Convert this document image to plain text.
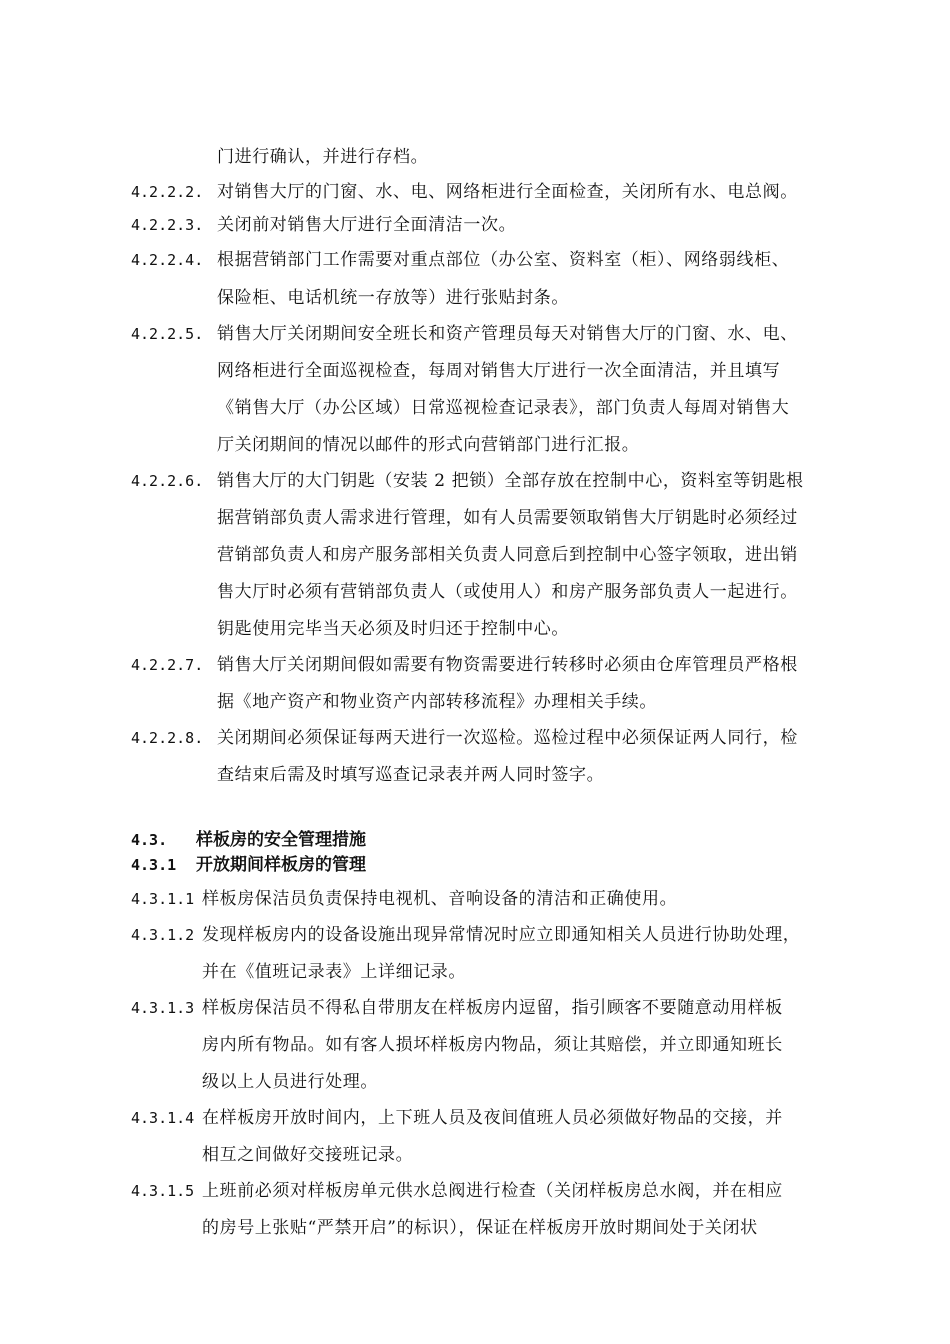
门进行确认，并进行存档。
4.2.2.2. 对销售大厅的门窗、水、电、网络柜进行全面检查，关闭所有水、电总阀。
4.2.2.3. 关闭前对销售大厅进行全面清洁一次。
4.2.2.4. 根据营销部门工作需要对重点部位（办公室、资料室（柜）、网络弱线柜、
保险柜、电话机统一存放等）进行张贴封条。
4.2.2.5. 销售大厅关闭期间安全班长和资产管理员每天对销售大厅的门窗、水、电、
网络柜进行全面巡视检查，每周对销售大厅进行一次全面清洁，并且填写
《销售大厅（办公区域）日常巡视检查记录表》，部门负责人每周对销售大
厅关闭期间的情况以邮件的形式向营销部门进行汇报。
4.2.2.6. 销售大厅的大门钥匙（安装 2 把锁）全部存放在控制中心，资料室等钥匙根
据营销部负责人需求进行管理，如有人员需要领取销售大厅钥匙时必须经过
营销部负责人和房产服务部相关负责人同意后到控制中心签字领取，进出销
售大厅时必须有营销部负责人（或使用人）和房产服务部负责人一起进行。
钥匙使用完毕当天必须及时归还于控制中心。
4.2.2.7. 销售大厅关闭期间假如需要有物资需要进行转移时必须由仓库管理员严格根
据《地产资产和物业资产内部转移流程》办理相关手续。
4.2.2.8. 关闭期间必须保证每两天进行一次巡检。巡检过程中必须保证两人同行，检
查结束后需及时填写巡查记录表并两人同时签字。
4.3. 样板房的安全管理措施
4.3.1 开放期间样板房的管理
4.3.1.1 样板房保洁员负责保持电视机、音响设备的清洁和正确使用。
4.3.1.2 发现样板房内的设备设施出现异常情况时应立即通知相关人员进行协助处理，
并在《值班记录表》上详细记录。
4.3.1.3 样板房保洁员不得私自带朋友在样板房内逗留，指引顾客不要随意动用样板
房内所有物品。如有客人损坏样板房内物品，须让其赔偿，并立即通知班长
级以上人员进行处理。
4.3.1.4 在样板房开放时间内，上下班人员及夜间值班人员必须做好物品的交接，并
相互之间做好交接班记录。
4.3.1.5 上班前必须对样板房单元供水总阀进行检查（关闭样板房总水阀，并在相应
的房号上张贴“严禁开启”的标识），保证在样板房开放时期间处于关闭状
